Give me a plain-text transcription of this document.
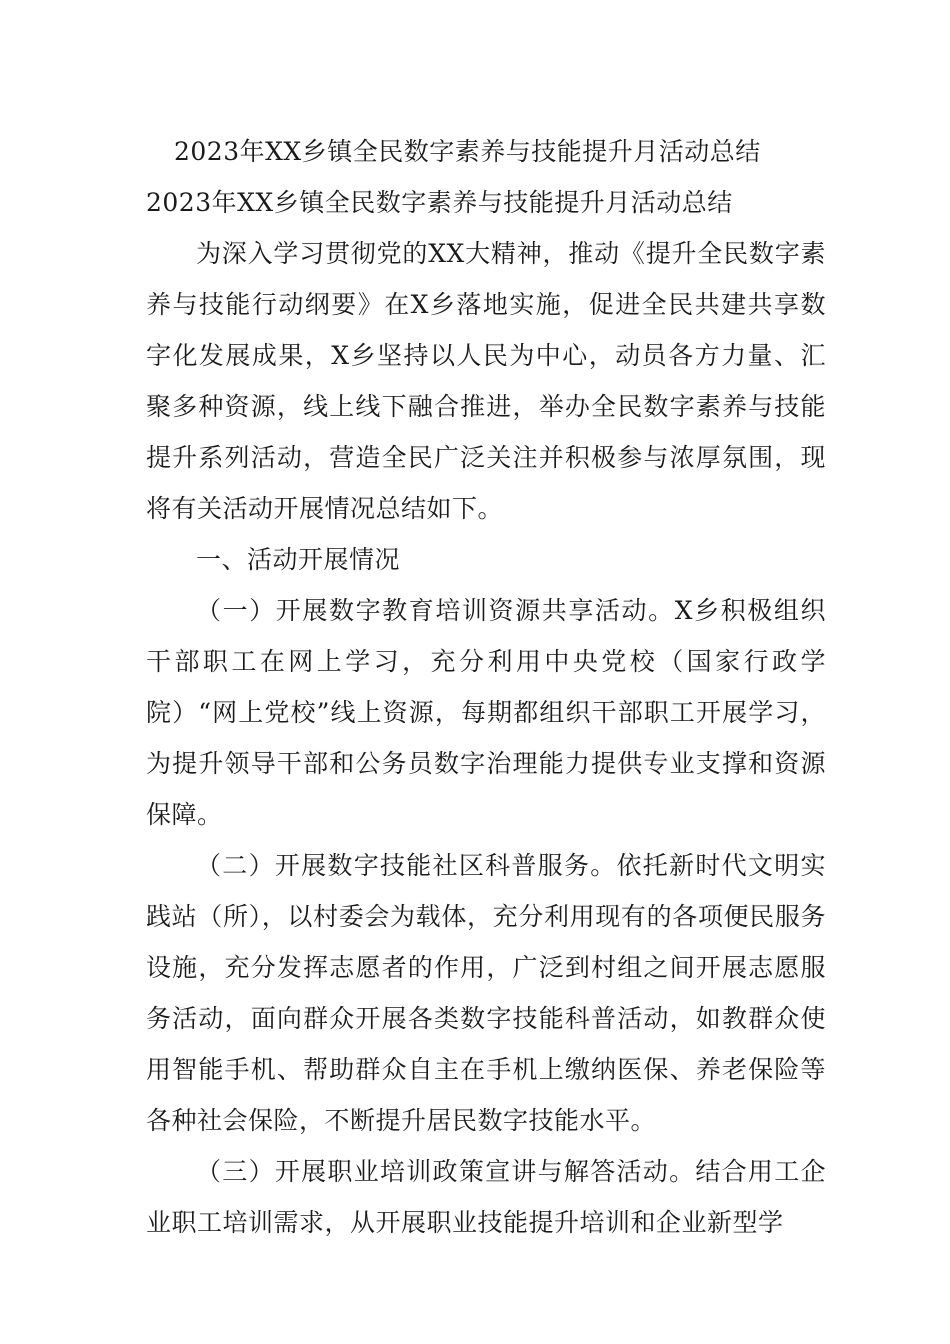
2023年XX乡镇全民数字素养与技能提升月活动总结
2023年XX乡镇全民数字素养与技能提升月活动总结

为深入学习贯彻党的XX大精神，推动《提升全民数字素养与技能行动纲要》在X乡落地实施，促进全民共建共享数字化发展成果，X乡坚持以人民为中心，动员各方力量、汇聚多种资源，线上线下融合推进，举办全民数字素养与技能提升系列活动，营造全民广泛关注并积极参与浓厚氛围，现将有关活动开展情况总结如下。

一、活动开展情况

（一）开展数字教育培训资源共享活动。X乡积极组织干部职工在网上学习，充分利用中央党校（国家行政学院）“网上党校”线上资源，每期都组织干部职工开展学习，为提升领导干部和公务员数字治理能力提供专业支撑和资源保障。

（二）开展数字技能社区科普服务。依托新时代文明实践站（所），以村委会为载体，充分利用现有的各项便民服务设施，充分发挥志愿者的作用，广泛到村组之间开展志愿服务活动，面向群众开展各类数字技能科普活动，如教群众使用智能手机、帮助群众自主在手机上缴纳医保、养老保险等各种社会保险，不断提升居民数字技能水平。

（三）开展职业培训政策宣讲与解答活动。结合用工企业职工培训需求，从开展职业技能提升培训和企业新型学
